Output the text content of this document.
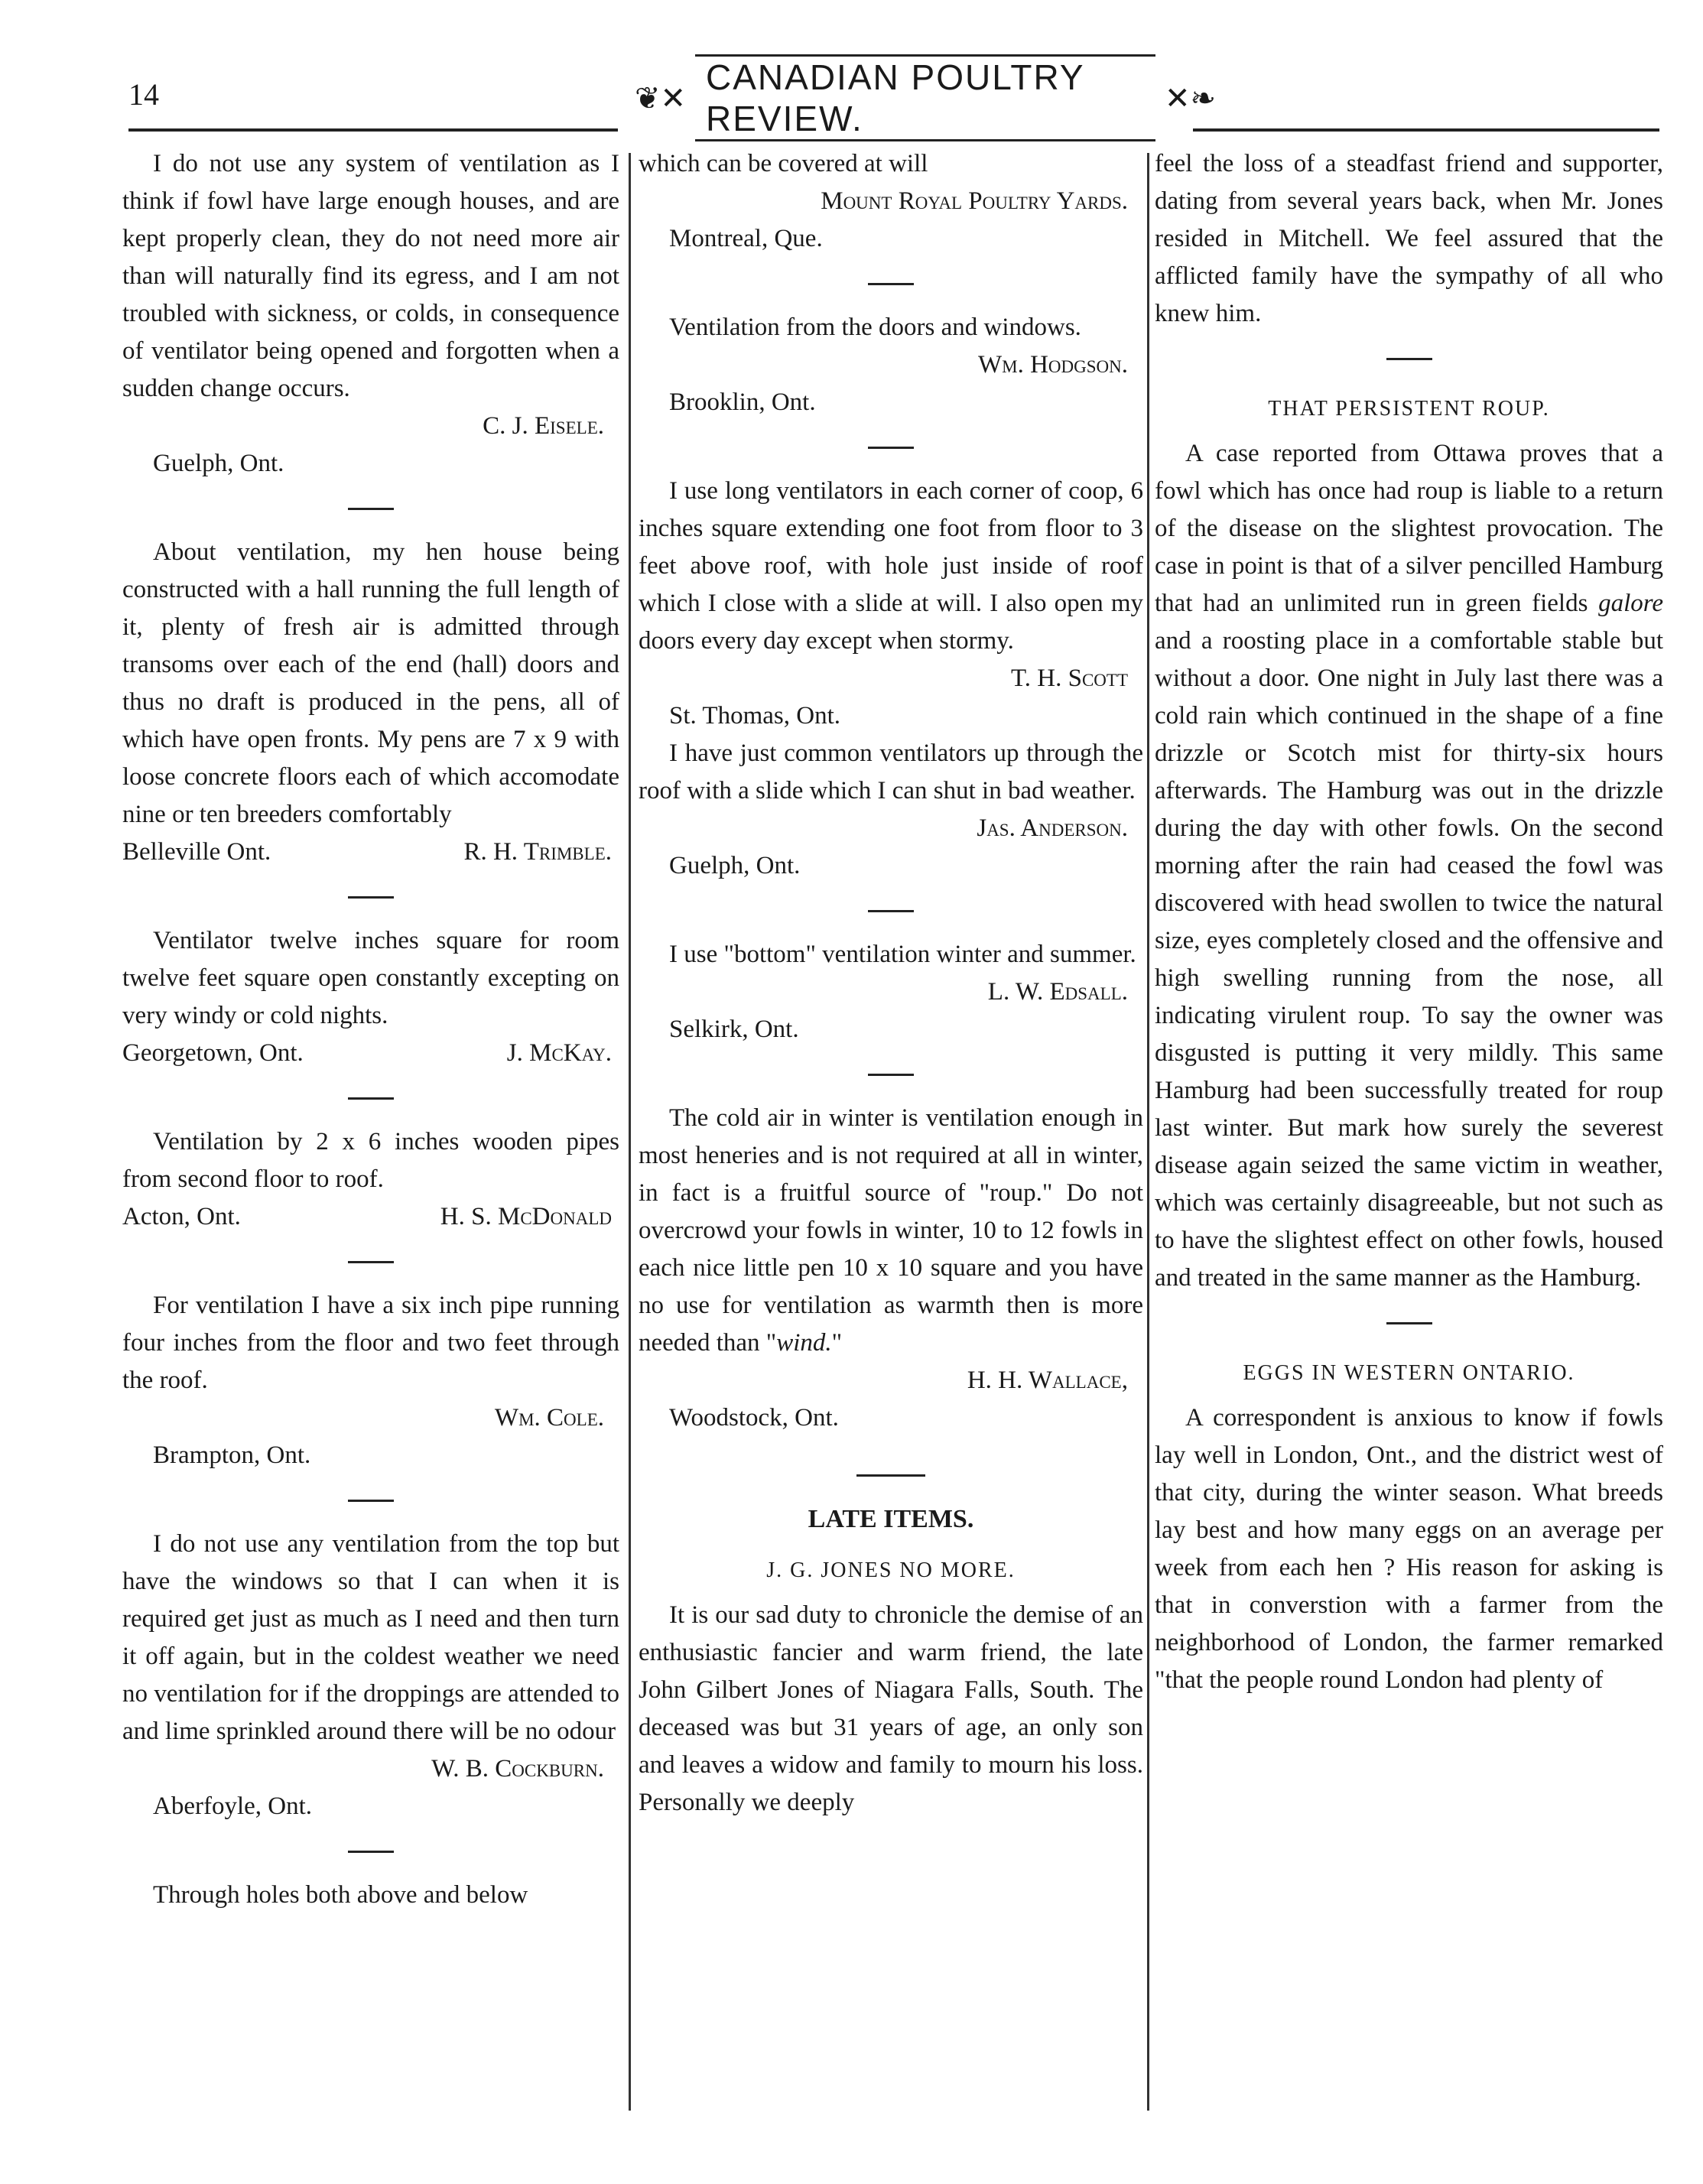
14	❦✕
CANADIAN POULTRY REVIEW.
✕❧

I do not use any system of ventilation as I think if fowl have large enough houses, and are kept properly clean, they do not need more air than will naturally find its egress, and I am not troubled with sickness, or colds, in consequence of ventilator being opened and forgotten when a sudden change occurs.

C. J. Eisele.

Guelph, Ont.

About ventilation, my hen house being constructed with a hall running the full length of it, plenty of fresh air is admitted through transoms over each of the end (hall) doors and thus no draft is produced in the pens, all of which have open fronts. My pens are 7 x 9 with loose concrete floors each of which accomodate nine or ten breeders comfortably

Belleville Ont.	R. H. Trimble.

Ventilator twelve inches square for room twelve feet square open constantly excepting on very windy or cold nights.

Georgetown, Ont.	J. McKay.

Ventilation by 2 x 6 inches wooden pipes from second floor to roof.

Acton, Ont.	H. S. McDonald

For ventilation I have a six inch pipe running four inches from the floor and two feet through the roof.

Wm. Cole.

Brampton, Ont.

I do not use any ventilation from the top but have the windows so that I can when it is required get just as much as I need and then turn it off again, but in the coldest weather we need no ventilation for if the droppings are attended to and lime sprinkled around there will be no odour

W. B. Cockburn.

Aberfoyle, Ont.

Through holes both above and below

which can be covered at will

Mount Royal Poultry Yards.

Montreal, Que.

Ventilation from the doors and windows.

Wm. Hodgson.

Brooklin, Ont.

I use long ventilators in each corner of coop, 6 inches square extending one foot from floor to 3 feet above roof, with hole just inside of roof which I close with a slide at will. I also open my doors every day except when stormy.

T. H. Scott

St. Thomas, Ont.

I have just common ventilators up through the roof with a slide which I can shut in bad weather.

Jas. Anderson.

Guelph, Ont.

I use "bottom" ventilation winter and summer.

L. W. Edsall.

Selkirk, Ont.

The cold air in winter is ventilation enough in most heneries and is not required at all in winter, in fact is a fruitful source of "roup." Do not overcrowd your fowls in winter, 10 to 12 fowls in each nice little pen 10 x 10 square and you have no use for ventilation as warmth then is more needed than "wind."

H. H. Wallace,

Woodstock, Ont.

LATE ITEMS.

J. G. JONES NO MORE.

It is our sad duty to chronicle the demise of an enthusiastic fancier and warm friend, the late John Gilbert Jones of Niagara Falls, South. The deceased was but 31 years of age, an only son and leaves a widow and family to mourn his loss. Personally we deeply

feel the loss of a steadfast friend and supporter, dating from several years back, when Mr. Jones resided in Mitchell. We feel assured that the afflicted family have the sympathy of all who knew him.

THAT PERSISTENT ROUP.

A case reported from Ottawa proves that a fowl which has once had roup is liable to a return of the disease on the slightest provocation. The case in point is that of a silver pencilled Hamburg that had an unlimited run in green fields galore and a roosting place in a comfortable stable but without a door. One night in July last there was a cold rain which continued in the shape of a fine drizzle or Scotch mist for thirty-six hours afterwards. The Hamburg was out in the drizzle during the day with other fowls. On the second morning after the rain had ceased the fowl was discovered with head swollen to twice the natural size, eyes completely closed and the offensive and high swelling running from the nose, all indicating virulent roup. To say the owner was disgusted is putting it very mildly. This same Hamburg had been successfully treated for roup last winter. But mark how surely the severest disease again seized the same victim in weather, which was certainly disagreeable, but not such as to have the slightest effect on other fowls, housed and treated in the same manner as the Hamburg.

EGGS IN WESTERN ONTARIO.

A correspondent is anxious to know if fowls lay well in London, Ont., and the district west of that city, during the winter season. What breeds lay best and how many eggs on an average per week from each hen ? His reason for asking is that in converstion with a farmer from the neighborhood of London, the farmer remarked "that the people round London had plenty of
